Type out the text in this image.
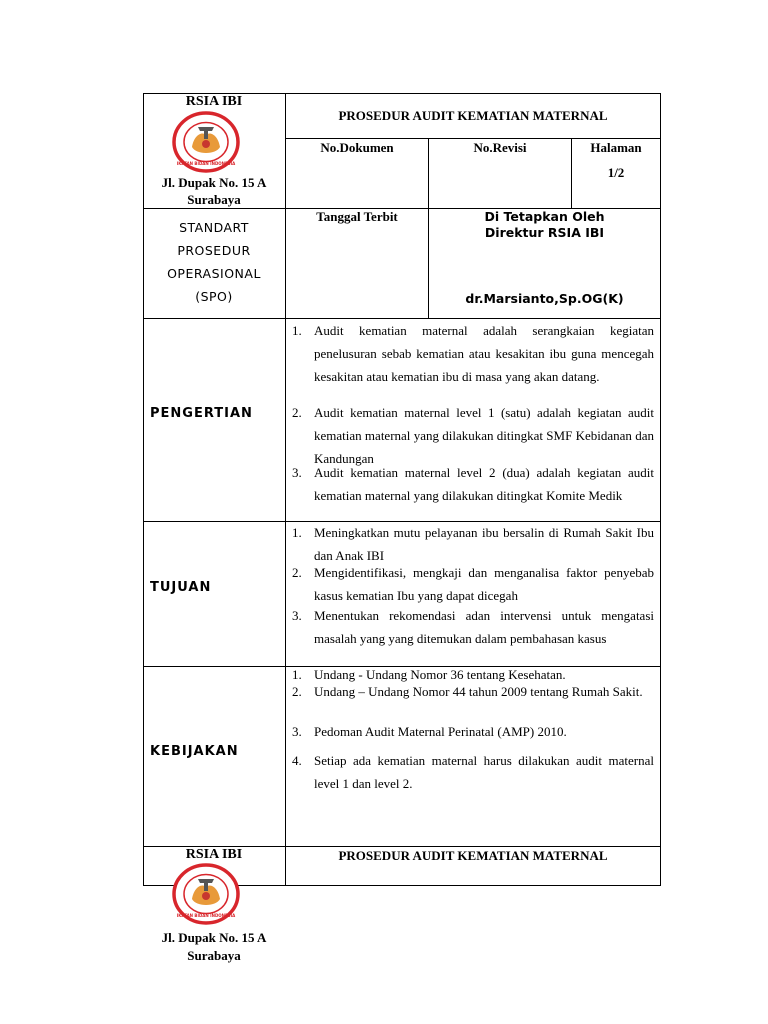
RSIA IBI
IKATAN BIDAN INDONESIA
Jl. Dupak No. 15 A
Surabaya
PROSEDUR AUDIT KEMATIAN MATERNAL
No.Dokumen	No.Revisi	Halaman
1/2
STANDART
PROSEDUR
OPERASIONAL
(SPO)
Tanggal Terbit	Di Tetapkan Oleh
Direktur RSIA IBI
dr.Marsianto,Sp.OG(K)
PENGERTIAN
1. Audit kematian maternal adalah serangkaian kegiatan penelusuran sebab kematian atau kesakitan ibu guna mencegah kesakitan atau kematian ibu di masa yang akan datang.
2. Audit kematian maternal level 1 (satu) adalah kegiatan audit kematian maternal yang dilakukan ditingkat SMF Kebidanan dan Kandungan
3. Audit kematian maternal level 2 (dua) adalah kegiatan audit kematian maternal yang dilakukan ditingkat Komite Medik
TUJUAN
1. Meningkatkan mutu pelayanan ibu bersalin di Rumah Sakit Ibu dan Anak IBI
2. Mengidentifikasi, mengkaji dan menganalisa faktor penyebab kasus kematian Ibu yang dapat dicegah
3. Menentukan rekomendasi adan intervensi untuk mengatasi masalah yang yang ditemukan dalam pembahasan kasus
KEBIJAKAN
1. Undang - Undang Nomor 36 tentang Kesehatan.
2. Undang – Undang Nomor 44 tahun 2009 tentang Rumah Sakit.
3. Pedoman Audit Maternal Perinatal (AMP) 2010.
4. Setiap ada kematian maternal harus dilakukan audit maternal level 1 dan level 2.
RSIA IBI	PROSEDUR AUDIT KEMATIAN MATERNAL
IKATAN BIDAN INDONESIA
Jl. Dupak No. 15 A
Surabaya
